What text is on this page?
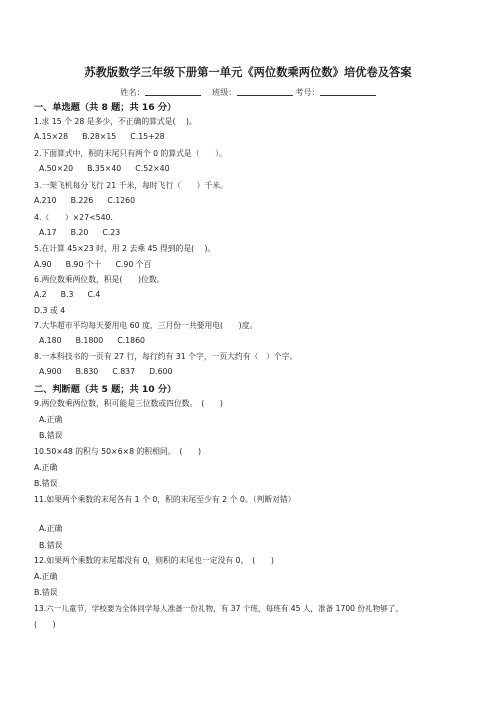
苏教版数学三年级下册第一单元《两位数乘两位数》培优卷及答案
姓名：	班级：	考号：
一、单选题（共 8 题；共 16 分）
1.求 15 个 28 是多少，不正确的算式是(　 )。
A.15×28 B.28×15 C.15+28
2.下面算式中，积的末尾只有两个 0 的算式是（　　）。
A.50×20 B.35×40 C.52×40
3.一架飞机每分飞行 21 千米，每时飞行（　　）千米。
A.210 B.226 C.1260
4.（　　）×27<540.
A.17 B.20 C.23
5.在计算 45×23 时，用 2 去乘 45 得到的是(　 )。
A.90 B.90 个十 C.90 个百
6.两位数乘两位数，积是(　　)位数。
A.2 B.3 C.4
D.3 或 4
7.大华超市平均每天要用电 60 度，三月份一共要用电(　　)度。
A.180 B.1800 C.1860
8.一本科技书的一页有 27 行，每行约有 31 个字，一页大约有（　）个字。
A.900 B.830 C.837 D.600
二、判断题（共 5 题；共 10 分）
9.两位数乘两位数，积可能是三位数或四位数。　(　　)
A.正确
B.错误
10.50×48 的积与 50×6×8 的积相同。　(　　)
A.正确
B.错误
11.如果两个乘数的末尾各有 1 个 0，积的末尾至少有 2 个 0。（判断对错）
A.正确
B.错误
12.如果两个乘数的末尾都没有 0，则积的末尾也一定没有 0。　(　　)
A.正确
B.错误
13.六一儿童节，学校要为全体同学每人准备一份礼物，有 37 个班，每班有 45 人，准备 1700 份礼物够了。
(　　)
